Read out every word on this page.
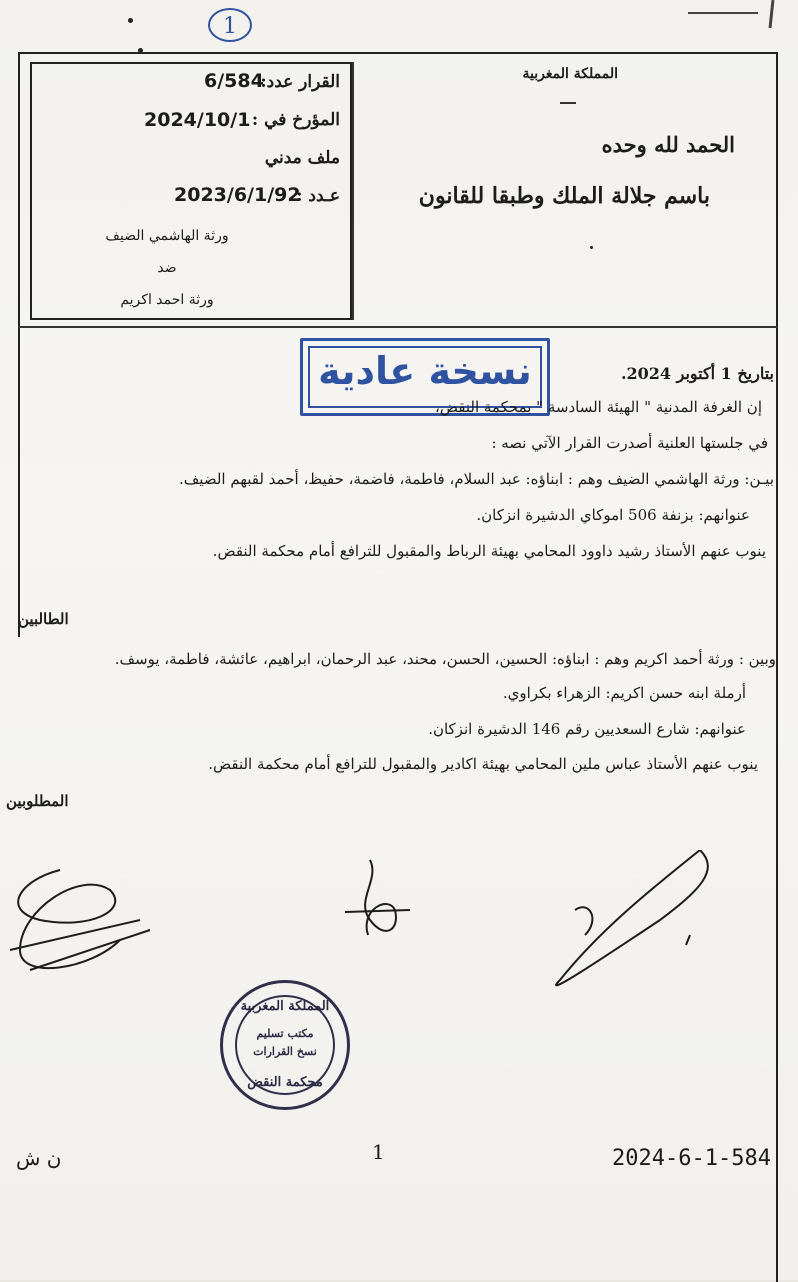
1
القرار عدد:
6/584
المؤرخ في :
2024/10/1
ملف مدني
عـدد :
2023/6/1/92
ورثة الهاشمي الضيف
ضد
ورثة احمد اكريم
المملكة المغربية
الحمد لله وحده
باسم جلالة الملك وطبقا للقانون
نسخة عادية	بتاريخ 1 أكتوبر 2024.
إن الغرفة المدنية " الهيئة السادسة " بمحكمة النقض،
في جلستها العلنية أصدرت القرار الآتي نصه :
بيـن: ورثة الهاشمي الضيف وهم : ابناؤه: عبد السلام، فاطمة، فاضمة، حفيظ، أحمد لقبهم الضيف.
عنوانهم: بزنفة 506 اموكاي الدشيرة انزكان.
ينوب عنهم الأستاذ رشيد داوود المحامي بهيئة الرباط والمقبول للترافع أمام محكمة النقض.
الطالبين
وبين : ورثة أحمد اكريم وهم : ابناؤه: الحسين، الحسن، محند، عبد الرحمان، ابراهيم، عائشة، فاطمة، يوسف.
أرملة ابنه حسن اكريم: الزهراء بكراوي.
عنوانهم: شارع السعديين رقم 146 الدشيرة انزكان.
ينوب عنهم الأستاذ عباس ملين المحامي بهيئة اكادير والمقبول للترافع أمام محكمة النقض.
المطلوبين
المملكة المغربية
مكتب تسليم
نسخ القرارات
محكمة النقض
ن ش	1	2024-6-1-584
